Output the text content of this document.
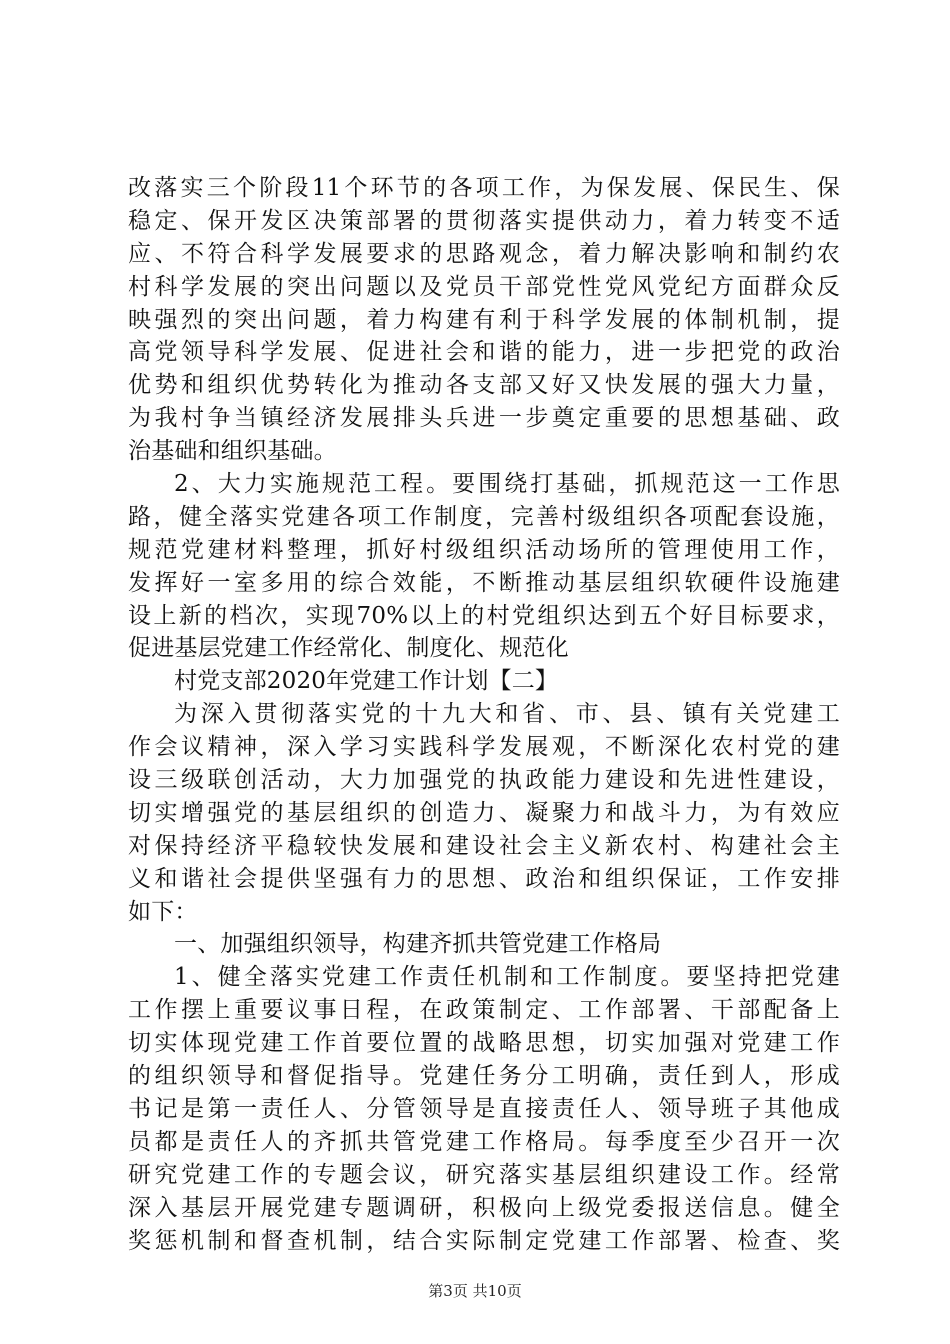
改落实三个阶段11个环节的各项工作，为保发展、保民生、保
稳定、保开发区决策部署的贯彻落实提供动力，着力转变不适
应、不符合科学发展要求的思路观念，着力解决影响和制约农
村科学发展的突出问题以及党员干部党性党风党纪方面群众反
映强烈的突出问题，着力构建有利于科学发展的体制机制，提
高党领导科学发展、促进社会和谐的能力，进一步把党的政治
优势和组织优势转化为推动各支部又好又快发展的强大力量，
为我村争当镇经济发展排头兵进一步奠定重要的思想基础、政
治基础和组织基础。
2、大力实施规范工程。要围绕打基础，抓规范这一工作思
路，健全落实党建各项工作制度，完善村级组织各项配套设施，
规范党建材料整理，抓好村级组织活动场所的管理使用工作，
发挥好一室多用的综合效能，不断推动基层组织软硬件设施建
设上新的档次，实现70%以上的村党组织达到五个好目标要求，
促进基层党建工作经常化、制度化、规范化
村党支部2020年党建工作计划【二】
为深入贯彻落实党的十九大和省、市、县、镇有关党建工
作会议精神，深入学习实践科学发展观，不断深化农村党的建
设三级联创活动，大力加强党的执政能力建设和先进性建设，
切实增强党的基层组织的创造力、凝聚力和战斗力，为有效应
对保持经济平稳较快发展和建设社会主义新农村、构建社会主
义和谐社会提供坚强有力的思想、政治和组织保证，工作安排
如下：
一、加强组织领导，构建齐抓共管党建工作格局
1、健全落实党建工作责任机制和工作制度。要坚持把党建
工作摆上重要议事日程，在政策制定、工作部署、干部配备上
切实体现党建工作首要位置的战略思想，切实加强对党建工作
的组织领导和督促指导。党建任务分工明确，责任到人，形成
书记是第一责任人、分管领导是直接责任人、领导班子其他成
员都是责任人的齐抓共管党建工作格局。每季度至少召开一次
研究党建工作的专题会议，研究落实基层组织建设工作。经常
深入基层开展党建专题调研，积极向上级党委报送信息。健全
奖惩机制和督查机制，结合实际制定党建工作部署、检查、奖
第3页 共10页
